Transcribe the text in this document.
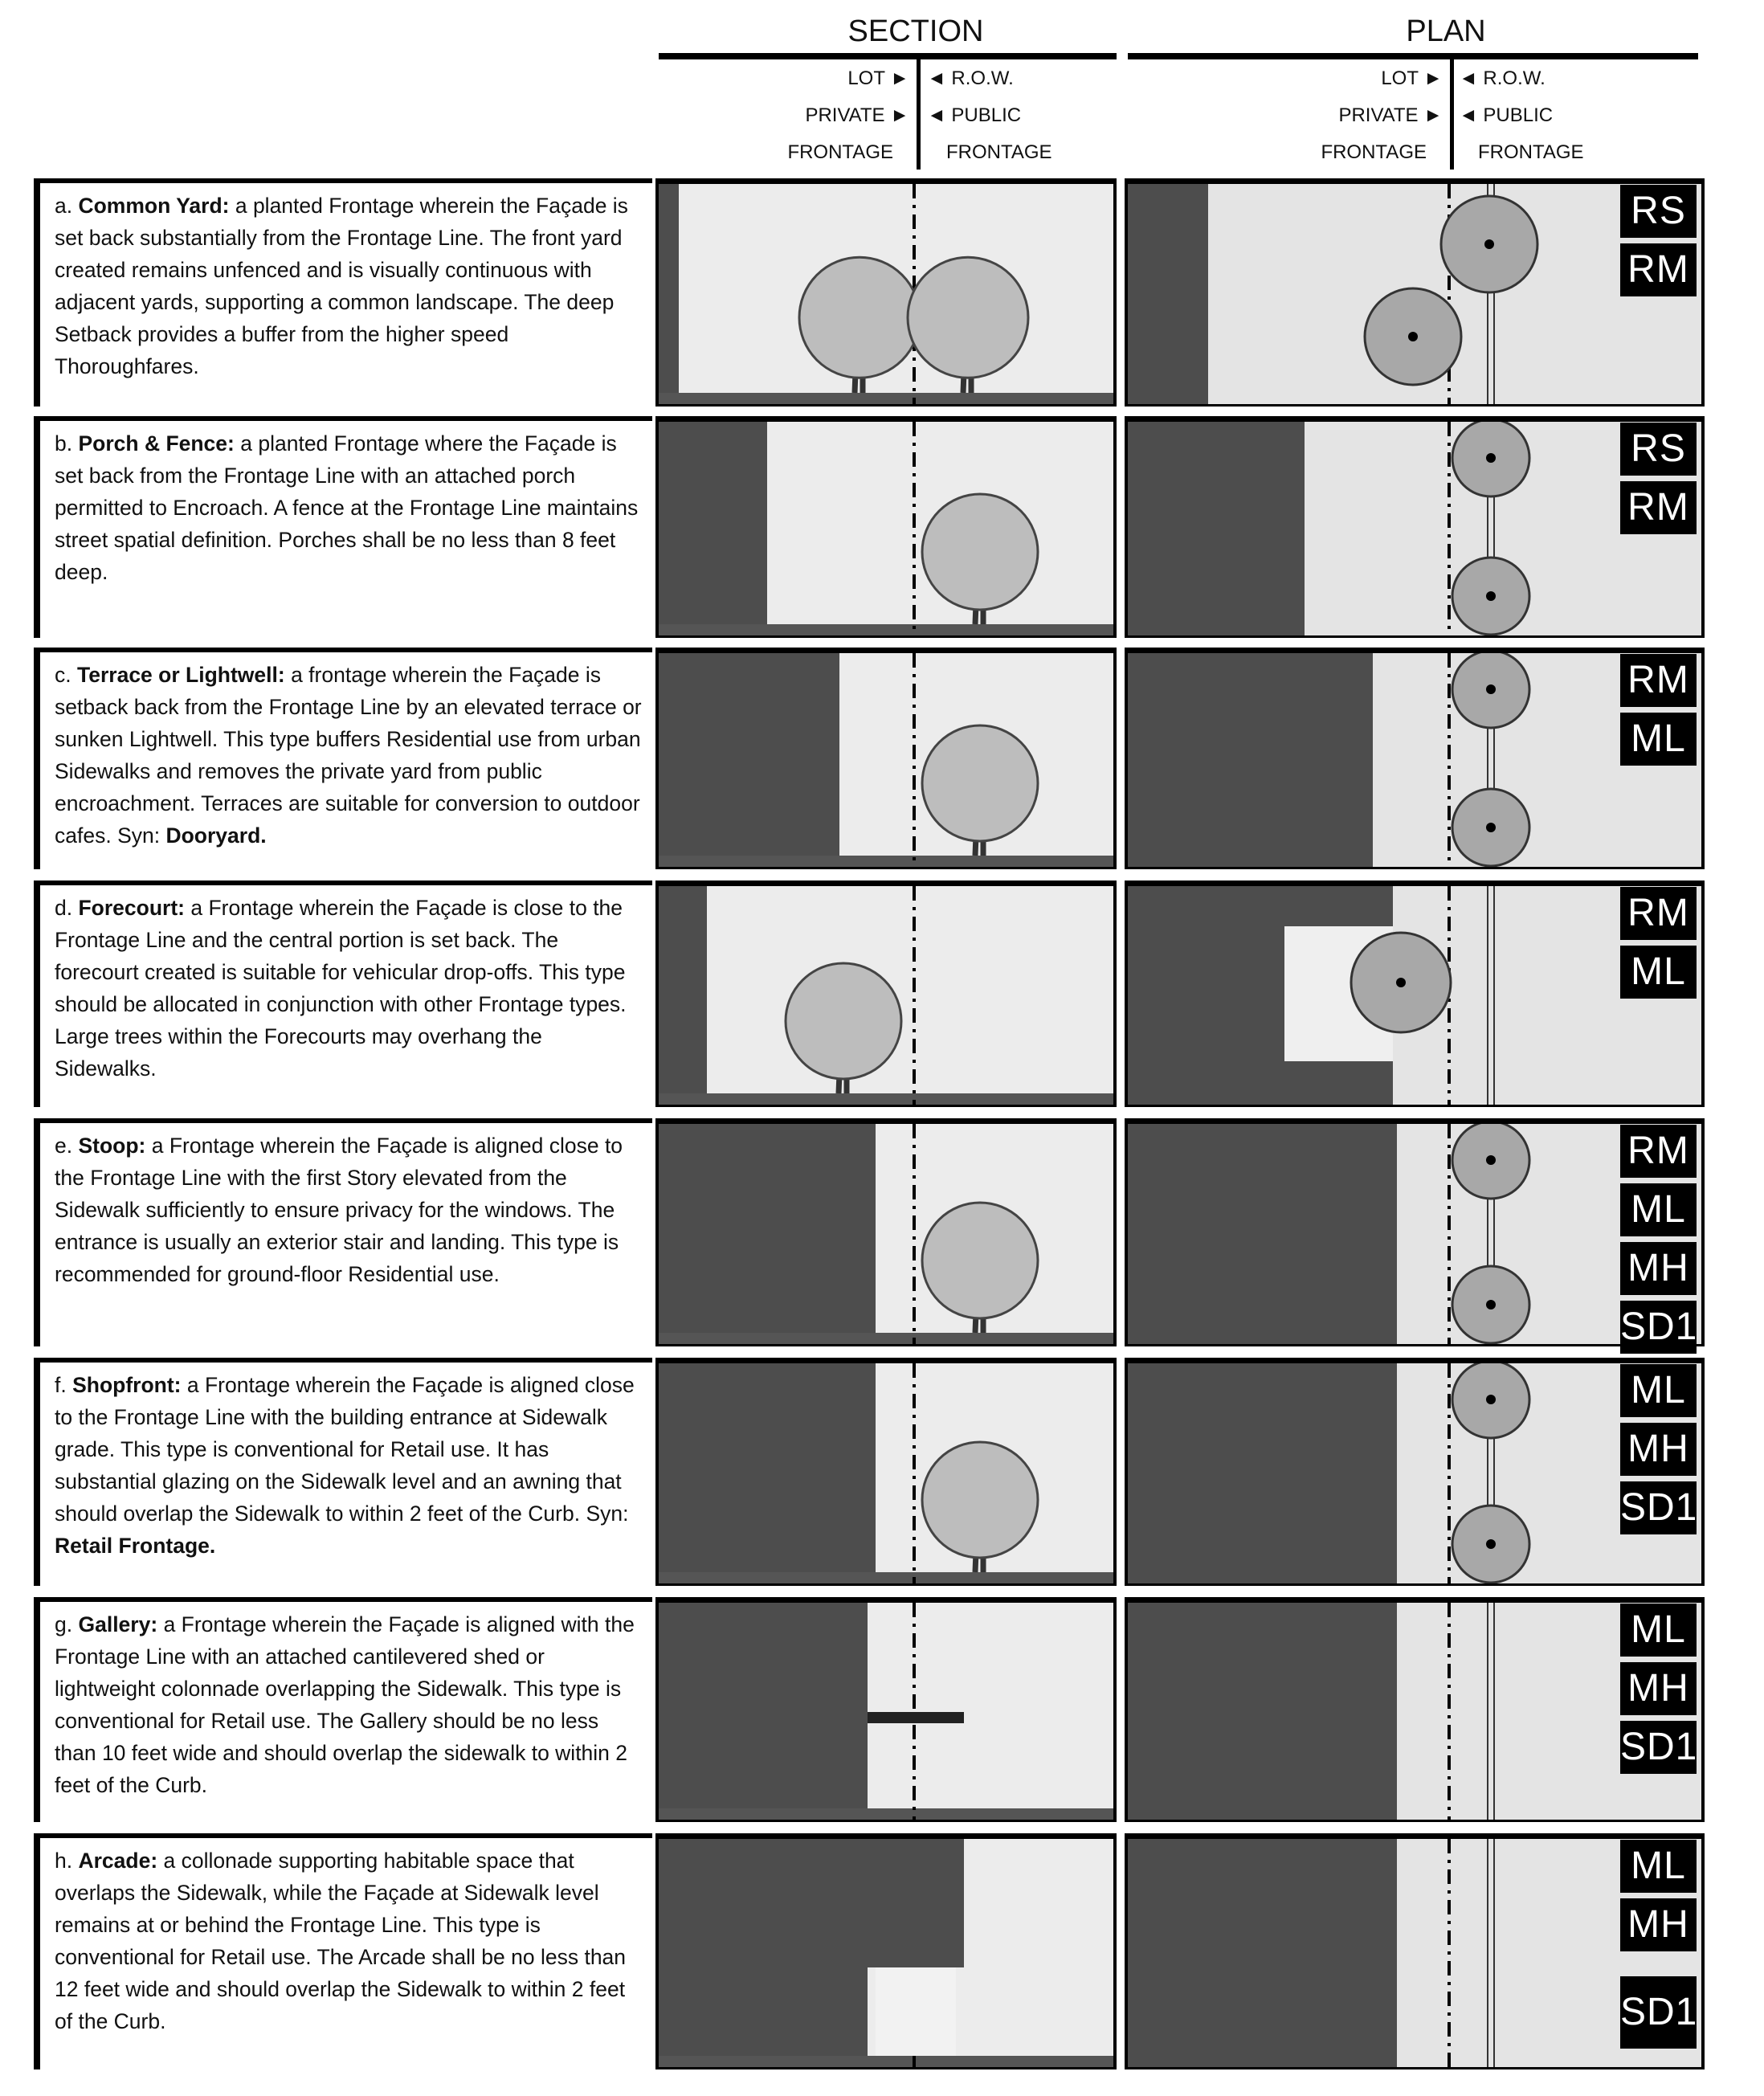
SECTION	PLAN
LOT ►
PRIVATE ►
FRONTAGE
◄ R.O.W.
◄ PUBLIC
FRONTAGE
LOT ►
PRIVATE ►
FRONTAGE
◄ R.O.W.
◄ PUBLIC
FRONTAGE
a. Common Yard: a planted Frontage wherein the Façade is set back substantially from the Frontage Line. The front yard created remains unfenced and is visually continuous with adjacent yards, supporting a common landscape. The deep Setback provides a buffer from the higher speed Thoroughfares.
RS
RM
b. Porch & Fence: a planted Frontage where the Façade is set back from the Frontage Line with an attached porch permitted to Encroach. A fence at the Frontage Line maintains street spatial definition. Porches shall be no less than 8 feet deep.
RS
RM
c. Terrace or Lightwell: a frontage wherein the Façade is setback back from the Frontage Line by an elevated terrace or sunken Lightwell. This type buffers Residential use from urban Sidewalks and removes the private yard from public encroachment. Terraces are suitable for conversion to outdoor cafes. Syn: Dooryard.
RM
ML
d. Forecourt: a Frontage wherein the Façade is close to the Frontage Line and the central portion is set back. The forecourt created is suitable for vehicular drop-offs. This type should be allocated in conjunction with other Frontage types. Large trees within the Forecourts may overhang the Sidewalks.
RM
ML
e. Stoop: a Frontage wherein the Façade is aligned close to the Frontage Line with the first Story elevated from the Sidewalk sufficiently to ensure privacy for the windows. The entrance is usually an exterior stair and landing. This type is recommended for ground-floor Residential use.
RM
ML
MH
SD1
f. Shopfront: a Frontage wherein the Façade is aligned close to the Frontage Line with the building entrance at Sidewalk grade. This type is conventional for Retail use. It has substantial glazing on the Sidewalk level and an awning that should overlap the Sidewalk to within 2 feet of the Curb. Syn: Retail Frontage.
ML
MH
SD1
g. Gallery: a Frontage wherein the Façade is aligned with the Frontage Line with an attached cantilevered shed or lightweight colonnade overlapping the Sidewalk. This type is conventional for Retail use. The Gallery should be no less than 10 feet wide and should overlap the sidewalk to within 2 feet of the Curb.
ML
MH
SD1
h. Arcade: a collonade supporting habitable space that overlaps the Sidewalk, while the Façade at Sidewalk level remains at or behind the Frontage Line. This type is conventional for Retail use. The Arcade shall be no less than 12 feet wide and should overlap the Sidewalk to within 2 feet of the Curb.
ML
MH
SD1
